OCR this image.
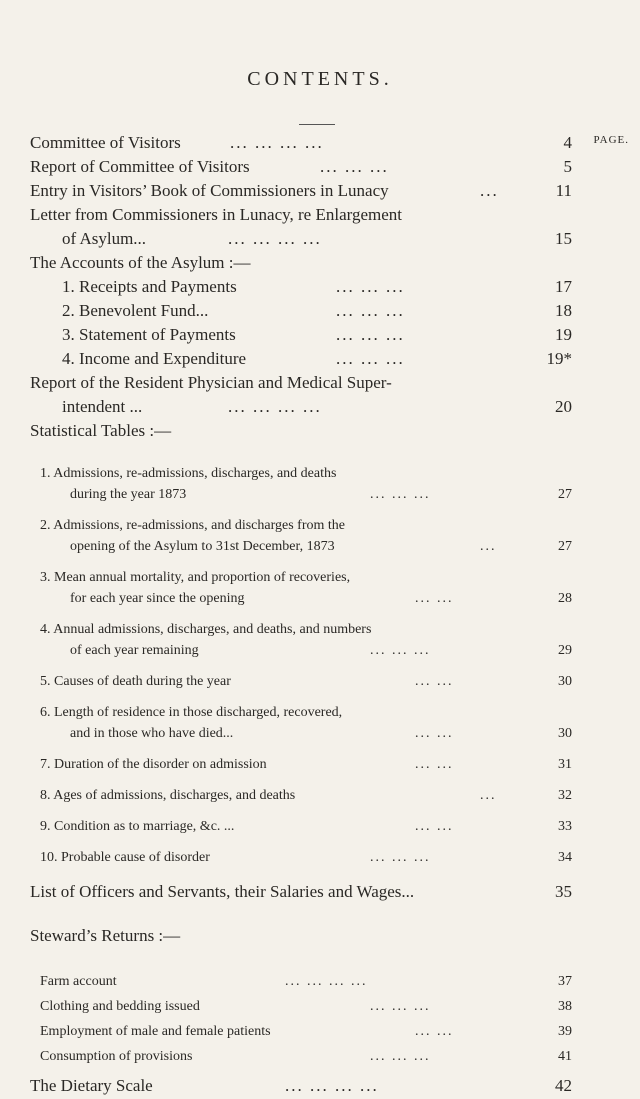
CONTENTS.
PAGE.
Committee of Visitors	... ... ... ...	4
Report of Committee of Visitors	... ... ...	5
Entry in Visitors’ Book of Commissioners in Lunacy	...	11
Letter from Commissioners in Lunacy, re Enlargement
of Asylum...	... ... ... ...	15
The Accounts of the Asylum :—
1. Receipts and Payments	... ... ...	17
2. Benevolent Fund...	... ... ...	18
3. Statement of Payments	... ... ...	19
4. Income and Expenditure	... ... ...	19*
Report of the Resident Physician and Medical Super-
intendent ...	... ... ... ...	20
Statistical Tables :—
1. Admissions, re-admissions, discharges, and deaths
during the year 1873	... ... ...	27
2. Admissions, re-admissions, and discharges from the
opening of the Asylum to 31st December, 1873	...	27
3. Mean annual mortality, and proportion of recoveries,
for each year since the opening	... ...	28
4. Annual admissions, discharges, and deaths, and numbers
of each year remaining	... ... ...	29
5. Causes of death during the year	... ...	30
6. Length of residence in those discharged, recovered,
and in those who have died...	... ...	30
7. Duration of the disorder on admission	... ...	31
8. Ages of admissions, discharges, and deaths	...	32
9. Condition as to marriage, &c. ...	... ...	33
10. Probable cause of disorder	... ... ...	34
List of Officers and Servants, their Salaries and Wages...	35
Steward’s Returns :—
Farm account	... ... ... ...	37
Clothing and bedding issued	... ... ...	38
Employment of male and female patients	... ...	39
Consumption of provisions	... ... ...	41
The Dietary Scale	... ... ... ...	42
